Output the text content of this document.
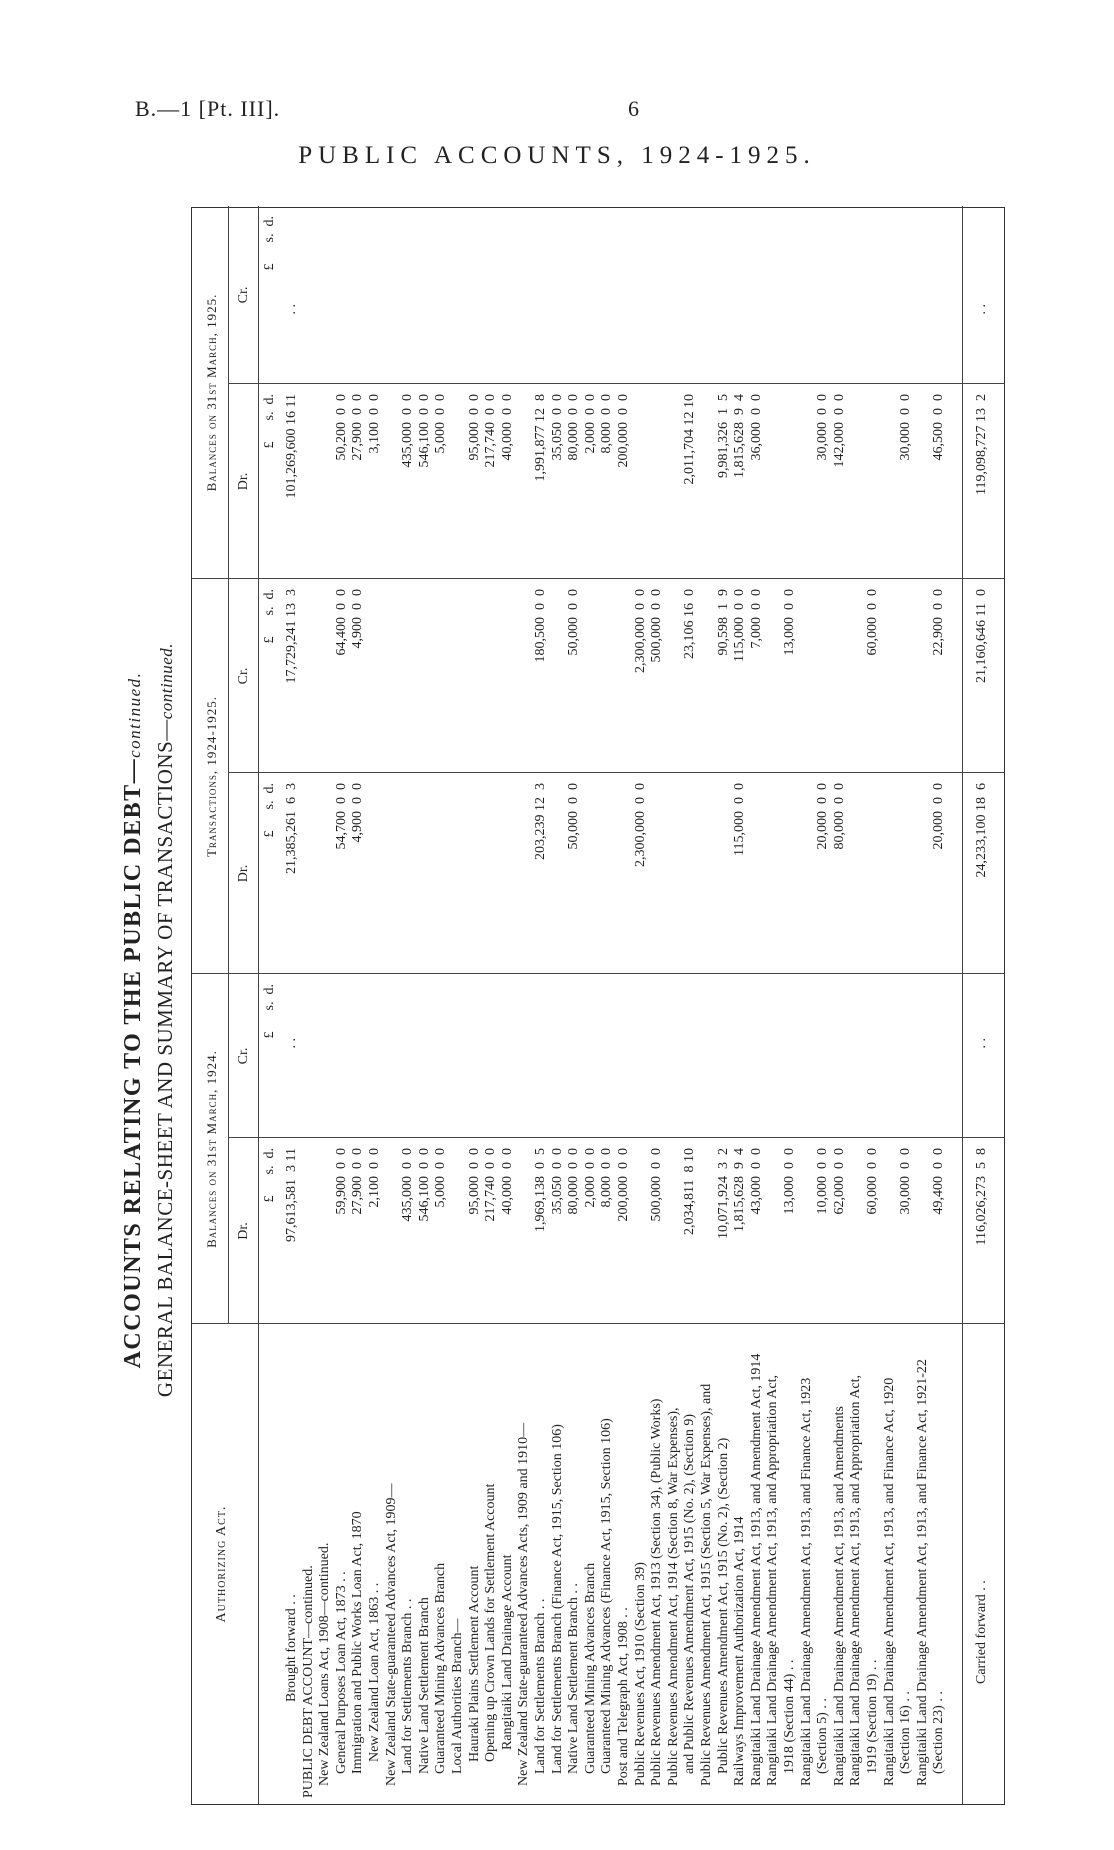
B.—1 [Pt. III].	6
PUBLIC ACCOUNTS, 1924-1925.
ACCOUNTS RELATING TO THE PUBLIC DEBT—continued.
GENERAL BALANCE-SHEET AND SUMMARY OF TRANSACTIONS—continued.
Authorizing Act.
Balances on 31st March, 1924.
Transactions, 1924-1925.
Balances on 31st March, 1925.
Dr.
Cr.
Dr.
Cr.
Dr.
Cr.
£      s.  d.
£      s.  d.
£      s.  d.
£      s.  d.
£      s.  d.
£      s.  d.
Brought forward . .
97,613,581  3 11
. .
21,385,261  6  3
17,729,241 13  3
101,269,600 16 11
. .
PUBLIC DEBT ACCOUNT—continued. New Zealand Loans Act, 1908—continued. General Purposes Loan Act, 1873 . .
59,900  0  0
54,700  0  0
64,400  0  0
50,200  0  0
Immigration and Public Works Loan Act, 1870
27,900  0  0
4,900  0  0
4,900  0  0
27,900  0  0
New Zealand Loan Act, 1863 . .
2,100  0  0
3,100  0  0
New Zealand State-guaranteed Advances Act, 1909— Land for Settlements Branch . .
435,000  0  0
435,000  0  0
Native Land Settlement Branch
546,100  0  0
546,100  0  0
Guaranteed Mining Advances Branch
5,000  0  0
5,000  0  0
Local Authorities Branch— Hauraki Plains Settlement Account
95,000  0  0
95,000  0  0
Opening up Crown Lands for Settlement Account
217,740  0  0
217,740  0  0
Rangitaiki Land Drainage Account
40,000  0  0
40,000  0  0
New Zealand State-guaranteed Advances Acts, 1909 and 1910— Land for Settlements Branch . .
1,969,138  0  5
203,239 12  3
180,500  0  0
1,991,877 12  8
Land for Settlements Branch (Finance Act, 1915, Section 106)
35,050  0  0
35,050  0  0
Native Land Settlement Branch . .
80,000  0  0
50,000  0  0
50,000  0  0
80,000  0  0
Guaranteed Mining Advances Branch
2,000  0  0
2,000  0  0
Guaranteed Mining Advances (Finance Act, 1915, Section 106)
8,000  0  0
8,000  0  0
Post and Telegraph Act, 1908 . .
200,000  0  0
200,000  0  0
Public Revenues Act, 1910 (Section 39)
2,300,000  0  0
2,300,000  0  0
Public Revenues Amendment Act, 1913 (Section 34), (Public Works)
500,000  0  0
500,000  0  0
Public Revenues Amendment Act, 1914 (Section 8, War Expenses), and Public Revenues Amendment Act, 1915 (No. 2), (Section 9)
2,034,811  8 10
23,106 16  0
2,011,704 12 10
Public Revenues Amendment Act, 1915 (Section 5, War Expenses), and Public Revenues Amendment Act, 1915 (No. 2), (Section 2)
10,071,924  3  2
90,598  1  9
9,981,326  1  5
Railways Improvement Authorization Act, 1914
1,815,628  9  4
115,000  0  0
115,000  0  0
1,815,628  9  4
Rangitaiki Land Drainage Amendment Act, 1913, and Amendment Act, 1914
43,000  0  0
7,000  0  0
36,000  0  0
Rangitaiki Land Drainage Amendment Act, 1913, and Appropriation Act, 1918 (Section 44) . .
13,000  0  0
13,000  0  0
Rangitaiki Land Drainage Amendment Act, 1913, and Finance Act, 1923 (Section 5) . .
10,000  0  0
20,000  0  0
30,000  0  0
Rangitaiki Land Drainage Amendment Act, 1913, and Amendments
62,000  0  0
80,000  0  0
142,000  0  0
Rangitaiki Land Drainage Amendment Act, 1913, and Appropriation Act, 1919 (Section 19) . .
60,000  0  0
60,000  0  0
Rangitaiki Land Drainage Amendment Act, 1913, and Finance Act, 1920 (Section 16) . .
30,000  0  0
30,000  0  0
Rangitaiki Land Drainage Amendment Act, 1913, and Finance Act, 1921-22 (Section 23) . .
49,400  0  0
20,000  0  0
22,900  0  0
46,500  0  0
Carried forward . .
116,026,273  5  8
. .
24,233,100 18  6
21,160,646 11  0
119,098,727 13  2
. .
